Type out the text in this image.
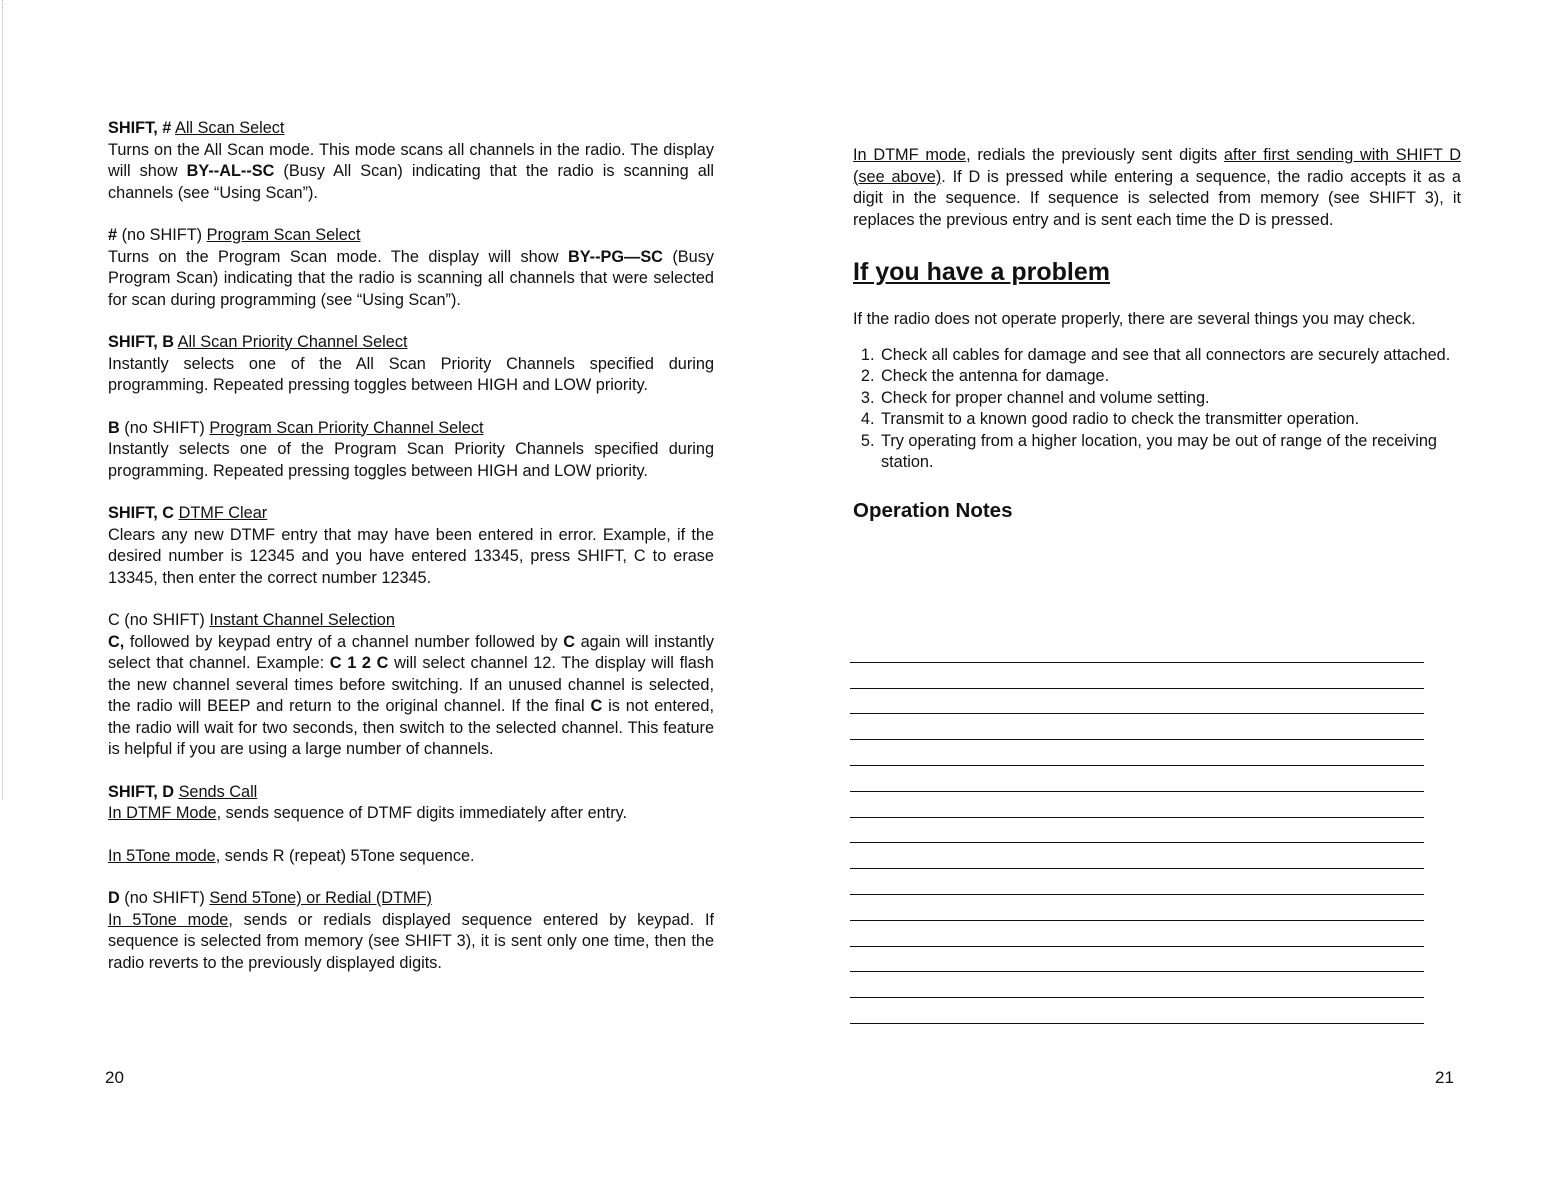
SHIFT, # All Scan Select

Turns on the All Scan mode. This mode scans all channels in the radio. The display will show BY--AL--SC (Busy All Scan) indicating that the radio is scanning all channels (see “Using Scan”).

# (no SHIFT) Program Scan Select

Turns on the Program Scan mode. The display will show BY--PG—SC (Busy Program Scan) indicating that the radio is scanning all channels that were selected for scan during programming (see “Using Scan”).

SHIFT, B All Scan Priority Channel Select

Instantly selects one of the All Scan Priority Channels specified during programming. Repeated pressing toggles between HIGH and LOW priority.

B (no SHIFT) Program Scan Priority Channel Select

Instantly selects one of the Program Scan Priority Channels specified during programming. Repeated pressing toggles between HIGH and LOW priority.

SHIFT, C DTMF Clear

Clears any new DTMF entry that may have been entered in error. Example, if the desired number is 12345 and you have entered 13345, press SHIFT, C to erase 13345, then enter the correct number 12345.

C (no SHIFT) Instant Channel Selection

C, followed by keypad entry of a channel number followed by C again will instantly select that channel. Example: C 1 2 C will select channel 12. The display will flash the new channel several times before switching. If an unused channel is selected, the radio will BEEP and return to the original channel. If the final C is not entered, the radio will wait for two seconds, then switch to the selected channel. This feature is helpful if you are using a large number of channels.

SHIFT, D Sends Call

In DTMF Mode, sends sequence of DTMF digits immediately after entry.

In 5Tone mode, sends R (repeat) 5Tone sequence.
D (no SHIFT) Send 5Tone) or Redial (DTMF)

In 5Tone mode, sends or redials displayed sequence entered by keypad. If sequence is selected from memory (see SHIFT 3), it is sent only one time, then the radio reverts to the previously displayed digits.

20

In DTMF mode, redials the previously sent digits after first sending with SHIFT D (see above). If D is pressed while entering a sequence, the radio accepts it as a digit in the sequence. If sequence is selected from memory (see SHIFT 3), it replaces the previous entry and is sent each time the D is pressed.

If you have a problem

If the radio does not operate properly, there are several things you may check.

1. Check all cables for damage and see that all connectors are securely attached.
2. Check the antenna for damage.
3. Check for proper channel and volume setting.
4. Transmit to a known good radio to check the transmitter operation.
5. Try operating from a higher location, you may be out of range of the receiving station.
Operation Notes
21
